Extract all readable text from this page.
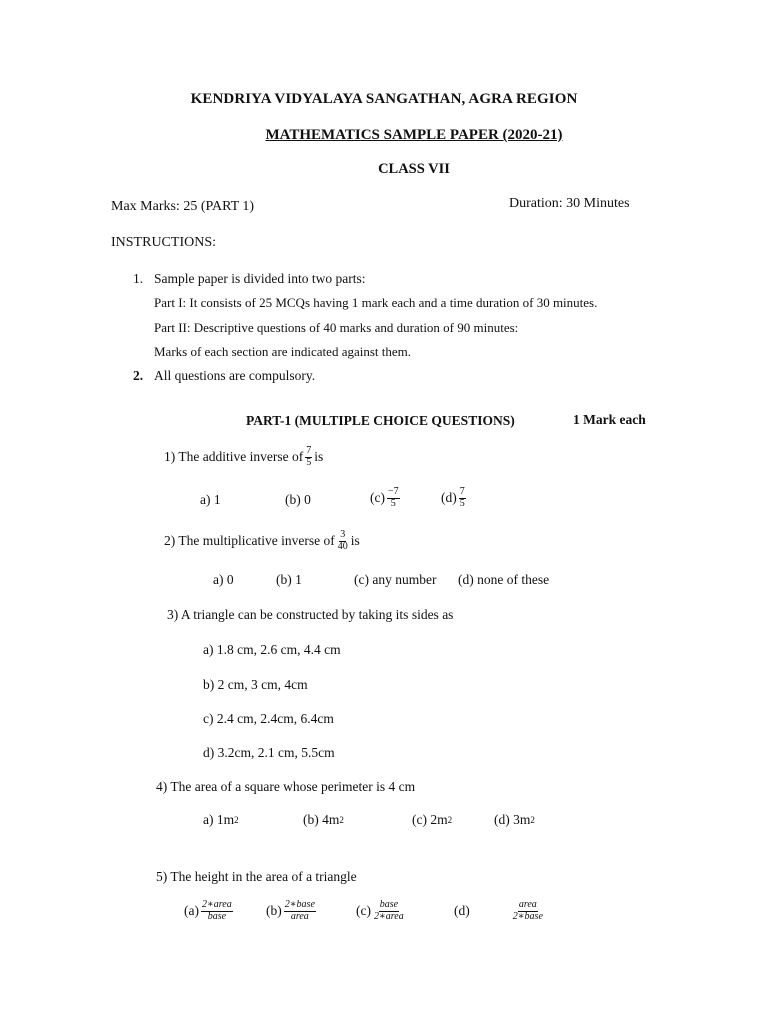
KENDRIYA VIDYALAYA SANGATHAN, AGRA REGION
MATHEMATICS SAMPLE PAPER (2020-21)
CLASS VII
Max Marks: 25 (PART 1)	Duration: 30 Minutes
INSTRUCTIONS:
1. Sample paper is divided into two parts:
Part I: It consists of 25 MCQs having 1 mark each and a time duration of 30 minutes.
Part II: Descriptive questions of 40 marks and duration of 90 minutes:
Marks of each section are indicated against them.
2. All questions are compulsory.
PART-1 (MULTIPLE CHOICE QUESTIONS)	1 Mark each
1) The additive inverse of $\frac{7}{5}$ is
a) 1	(b) 0	$(c) \frac{-7}{5}$	$(d) \frac{7}{5}$
2) The multiplicative inverse of $\frac{3}{40}$ is
a) 0	(b) 1	(c) any number (d) none of these
3) A triangle can be constructed by taking its sides as
a) 1.8 cm, 2.6 cm, 4.4 cm
b) 2 cm, 3 cm, 4cm
c) 2.4 cm, 2.4cm, 6.4cm
d) 3.2cm, 2.1 cm, 5.5cm
4) The area of a square whose perimeter is 4 cm
a) 1m 2	(b) 4m 2	(c) 2m 2	(d) 3m 2
5) The height in the area of a triangle
$(a) \frac{\text{2∗area}}{\text{base}} (b) \frac{\text{2∗base}}{\text{area}}$	$(c) \frac{\text{base}}{\text{2∗area}}$	(d)	$\frac{\text{area}}{\text{2∗base}}$
